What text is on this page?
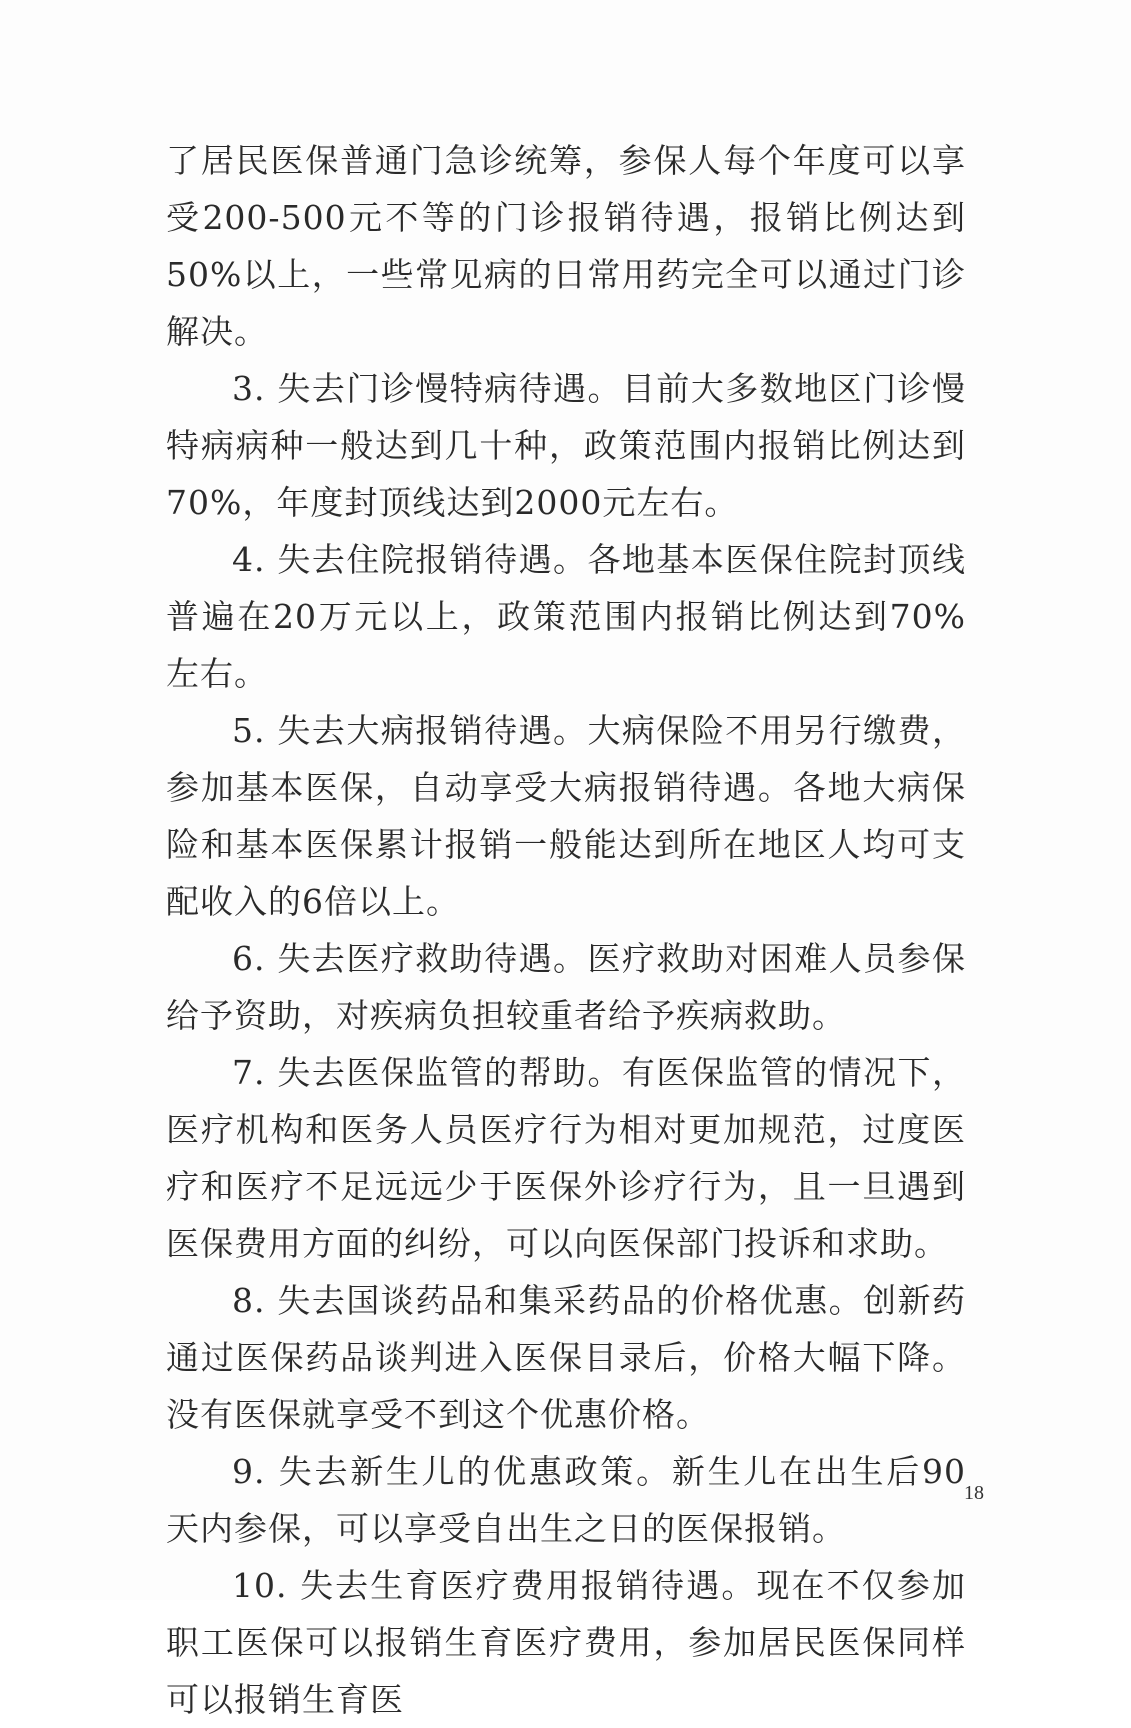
了居民医保普通门急诊统筹，参保人每个年度可以享受200-500元不等的门诊报销待遇，报销比例达到50%以上，一些常见病的日常用药完全可以通过门诊解决。

3. 失去门诊慢特病待遇。目前大多数地区门诊慢特病病种一般达到几十种，政策范围内报销比例达到70%，年度封顶线达到2000元左右。

4. 失去住院报销待遇。各地基本医保住院封顶线普遍在20万元以上，政策范围内报销比例达到70%左右。

5. 失去大病报销待遇。大病保险不用另行缴费，参加基本医保，自动享受大病报销待遇。各地大病保险和基本医保累计报销一般能达到所在地区人均可支配收入的6倍以上。

6. 失去医疗救助待遇。医疗救助对困难人员参保给予资助，对疾病负担较重者给予疾病救助。

7. 失去医保监管的帮助。有医保监管的情况下，医疗机构和医务人员医疗行为相对更加规范，过度医疗和医疗不足远远少于医保外诊疗行为，且一旦遇到医保费用方面的纠纷，可以向医保部门投诉和求助。

8. 失去国谈药品和集采药品的价格优惠。创新药通过医保药品谈判进入医保目录后，价格大幅下降。没有医保就享受不到这个优惠价格。

9. 失去新生儿的优惠政策。新生儿在出生后90天内参保，可以享受自出生之日的医保报销。

10. 失去生育医疗费用报销待遇。现在不仅参加职工医保可以报销生育医疗费用，参加居民医保同样可以报销生育医

18
